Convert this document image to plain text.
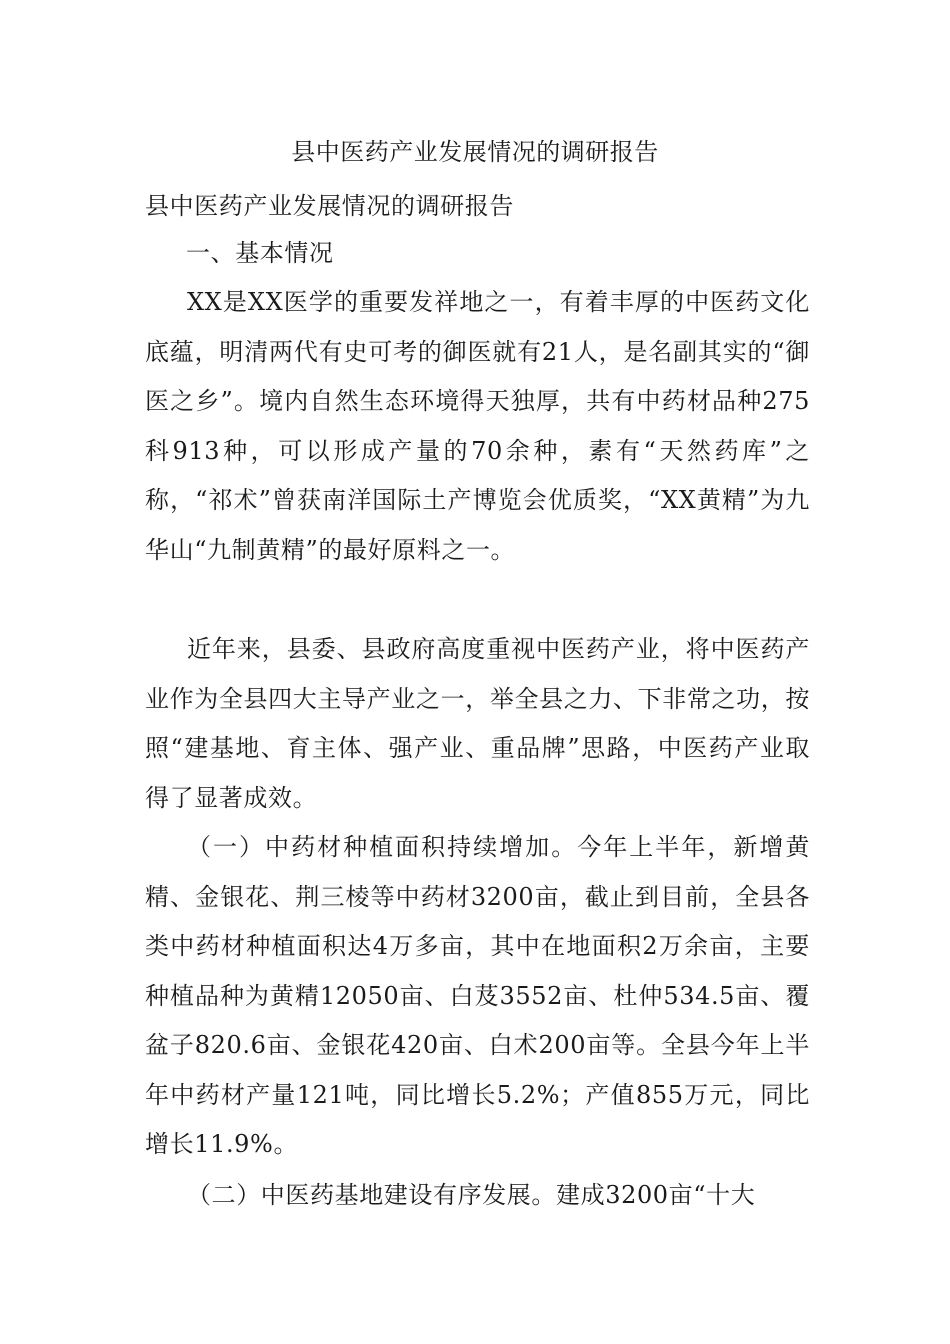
县中医药产业发展情况的调研报告
县中医药产业发展情况的调研报告
一、基本情况
XX是XX医学的重要发祥地之一，有着丰厚的中医药文化底蕴，明清两代有史可考的御医就有21人，是名副其实的“御医之乡”。境内自然生态环境得天独厚，共有中药材品种275科913种，可以形成产量的70余种，素有“天然药库”之称，“祁术”曾获南洋国际土产博览会优质奖，“XX黄精”为九华山“九制黄精”的最好原料之一。
近年来，县委、县政府高度重视中医药产业，将中医药产业作为全县四大主导产业之一，举全县之力、下非常之功，按照“建基地、育主体、强产业、重品牌”思路，中医药产业取得了显著成效。
（一）中药材种植面积持续增加。今年上半年，新增黄精、金银花、荆三棱等中药材3200亩，截止到目前，全县各类中药材种植面积达4万多亩，其中在地面积2万余亩，主要种植品种为黄精12050亩、白芨3552亩、杜仲534.5亩、覆盆子820.6亩、金银花420亩、白术200亩等。全县今年上半年中药材产量121吨，同比增长5.2%；产值855万元，同比增长11.9%。
（二）中医药基地建设有序发展。建成3200亩“十大
